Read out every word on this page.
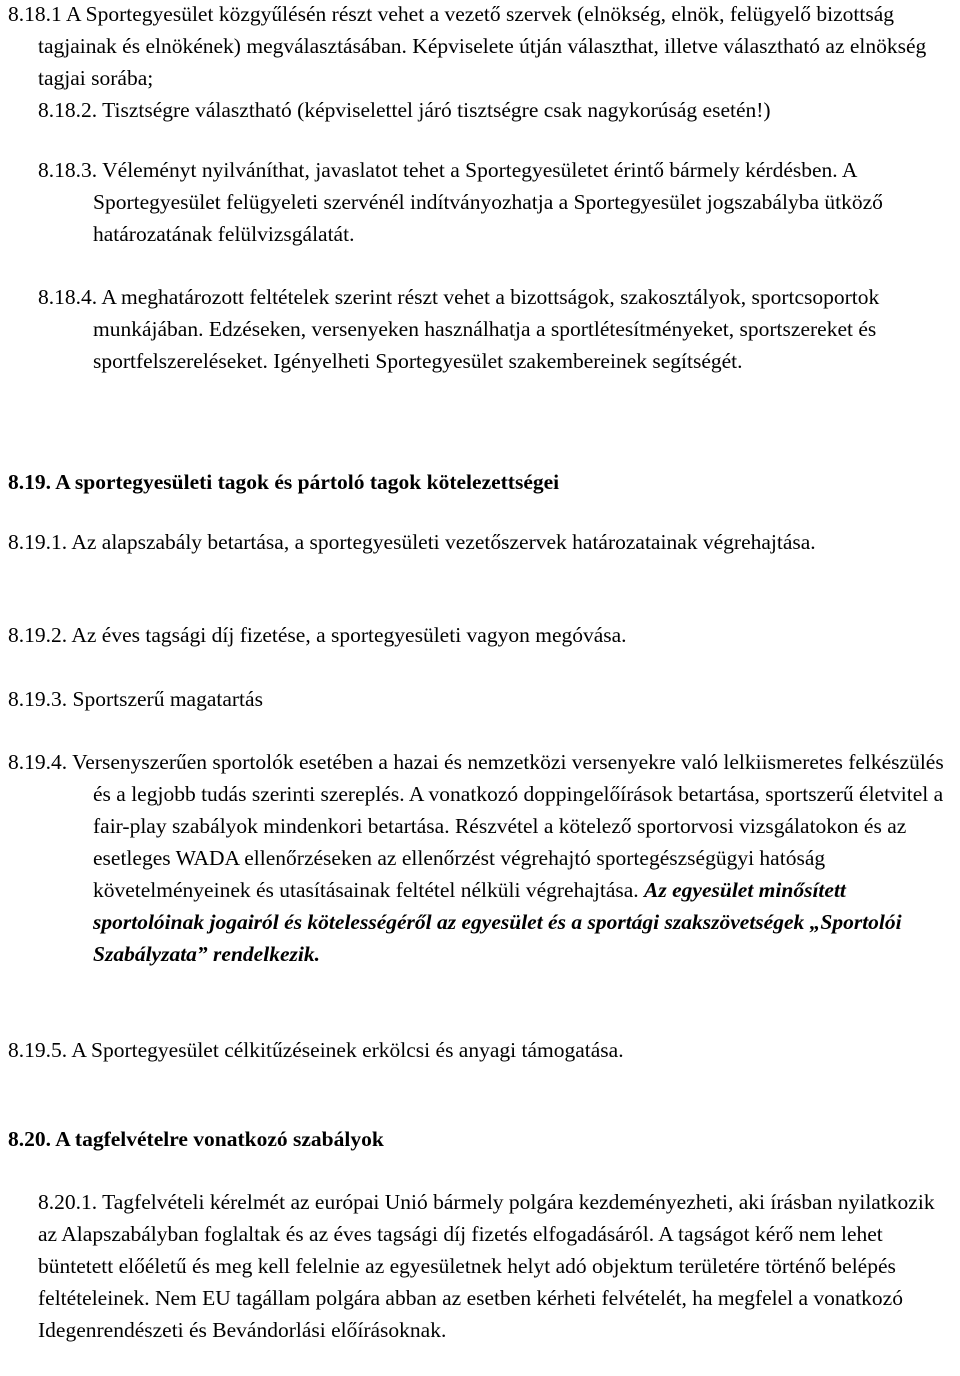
8.18.1 A Sportegyesület közgyűlésén részt vehet a vezető szervek (elnökség, elnök, felügyelő bizottság tagjainak és elnökének) megválasztásában. Képviselete útján választhat, illetve választható az elnökség tagjai sorába;

8.18.2. Tisztségre választható (képviselettel járó tisztségre csak nagykorúság esetén!)

8.18.3. Véleményt nyilváníthat, javaslatot tehet a Sportegyesületet érintő bármely kérdésben. A Sportegyesület felügyeleti szervénél indítványozhatja a Sportegyesület jogszabályba ütköző határozatának felülvizsgálatát.

8.18.4. A meghatározott feltételek szerint részt vehet a bizottságok, szakosztályok, sportcsoportok munkájában. Edzéseken, versenyeken használhatja a sportlétesítményeket, sportszereket és sportfelszereléseket. Igényelheti Sportegyesület szakembereinek segítségét.

8.19. A sportegyesületi tagok és pártoló tagok kötelezettségei

8.19.1. Az alapszabály betartása, a sportegyesületi vezetőszervek határozatainak végrehajtása.

8.19.2. Az éves tagsági díj fizetése, a sportegyesületi vagyon megóvása.

8.19.3. Sportszerű magatartás

8.19.4. Versenyszerűen sportolók esetében a hazai és nemzetközi versenyekre való lelkiismeretes felkészülés és a legjobb tudás szerinti szereplés. A vonatkozó doppingelőírások betartása, sportszerű életvitel a fair-play szabályok mindenkori betartása. Részvétel a kötelező sportorvosi vizsgálatokon és az esetleges WADA ellenőrzéseken az ellenőrzést végrehajtó sportegészségügyi hatóság követelményeinek és utasításainak feltétel nélküli végrehajtása. Az egyesület minősített sportolóinak jogairól és kötelességéről az egyesület és a sportági szakszövetségek „Sportolói Szabályzata” rendelkezik.

8.19.5. A Sportegyesület célkitűzéseinek erkölcsi és anyagi támogatása.

8.20. A tagfelvételre vonatkozó szabályok

8.20.1. Tagfelvételi kérelmét az európai Unió bármely polgára kezdeményezheti, aki írásban nyilatkozik az Alapszabályban foglaltak és az éves tagsági díj fizetés elfogadásáról. A tagságot kérő nem lehet büntetett előéletű és meg kell felelnie az egyesületnek helyt adó objektum területére történő belépés feltételeinek. Nem EU tagállam polgára abban az esetben kérheti felvételét, ha megfelel a vonatkozó Idegenrendészeti és Bevándorlási előírásoknak.
